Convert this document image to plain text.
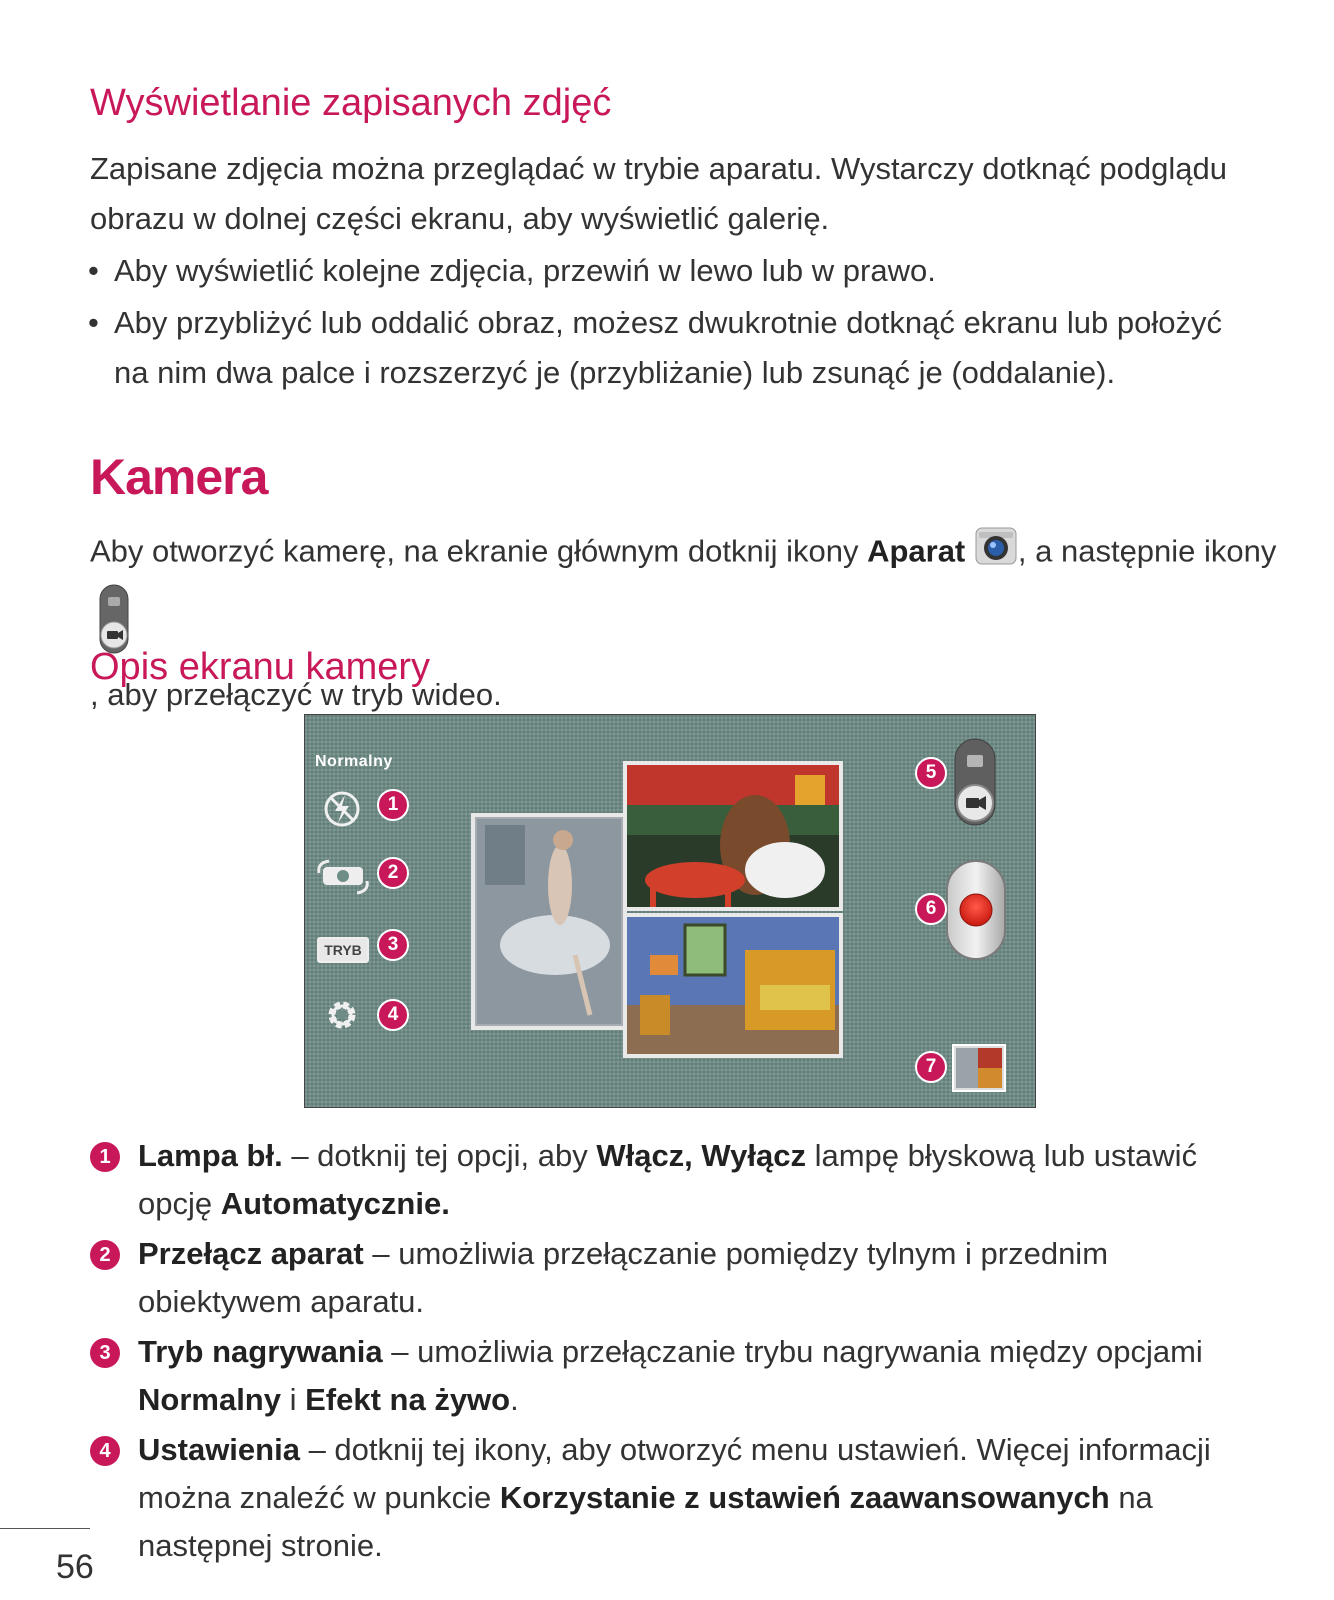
Wyświetlanie zapisanych zdjęć

Zapisane zdjęcia można przeglądać w trybie aparatu. Wystarczy dotknąć podglądu obrazu w dolnej części ekranu, aby wyświetlić galerię.

• Aby wyświetlić kolejne zdjęcia, przewiń w lewo lub w prawo.
• Aby przybliżyć lub oddalić obraz, możesz dwukrotnie dotknąć ekranu lub położyć na nim dwa palce i rozszerzyć je (przybliżanie) lub zsunąć je (oddalanie).
Kamera

Aby otworzyć kamerę, na ekranie głównym dotknij ikony Aparat , a następnie ikony
, aby przełączyć w tryb wideo.

Opis ekranu kamery
Normalny
TRYB
1
2
3
4
5
6
7
1 Lampa bł. – dotknij tej opcji, aby Włącz, Wyłącz lampę błyskową lub ustawić opcję Automatycznie.
2 Przełącz aparat – umożliwia przełączanie pomiędzy tylnym i przednim obiektywem aparatu.
3 Tryb nagrywania – umożliwia przełączanie trybu nagrywania między opcjami Normalny i Efekt na żywo.
4 Ustawienia – dotknij tej ikony, aby otworzyć menu ustawień. Więcej informacji można znaleźć w punkcie Korzystanie z ustawień zaawansowanych na następnej stronie.
56
